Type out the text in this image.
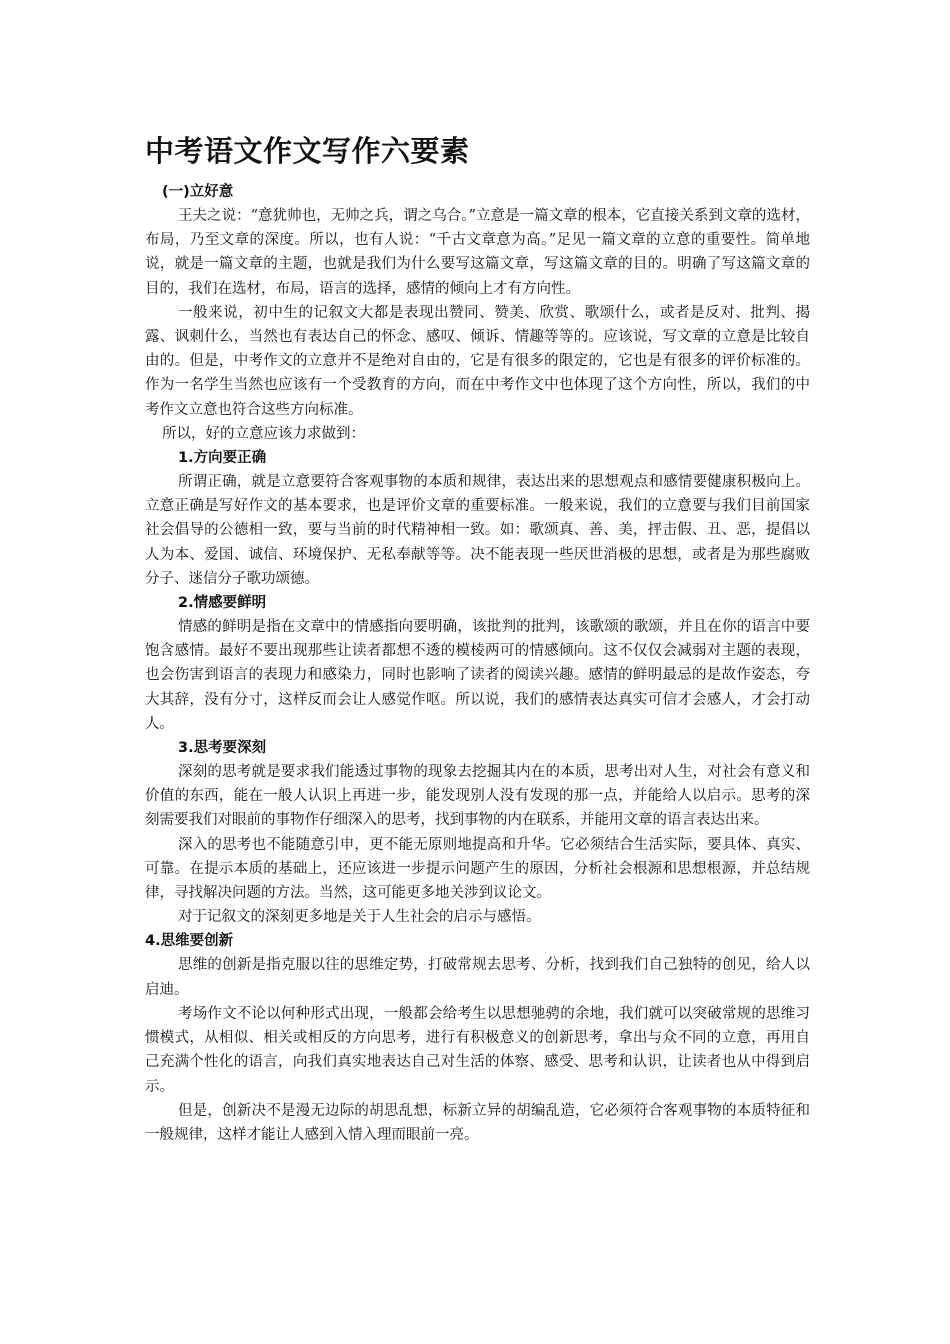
中考语文作文写作六要素
(一)立好意

王夫之说：“意犹帅也，无帅之兵，谓之乌合。”立意是一篇文章的根本，它直接关系到文章的选材，布局，乃至文章的深度。所以，也有人说：“千古文章意为高。”足见一篇文章的立意的重要性。简单地说，就是一篇文章的主题，也就是我们为什么要写这篇文章，写这篇文章的目的。明确了写这篇文章的目的，我们在选材，布局，语言的选择，感情的倾向上才有方向性。

一般来说，初中生的记叙文大都是表现出赞同、赞美、欣赏、歌颂什么，或者是反对、批判、揭露、讽刺什么，当然也有表达自己的怀念、感叹、倾诉、情趣等等的。应该说，写文章的立意是比较自由的。但是，中考作文的立意并不是绝对自由的，它是有很多的限定的，它也是有很多的评价标准的。作为一名学生当然也应该有一个受教育的方向，而在中考作文中也体现了这个方向性，所以，我们的中考作文立意也符合这些方向标准。

所以，好的立意应该力求做到：

1.方向要正确

所谓正确，就是立意要符合客观事物的本质和规律，表达出来的思想观点和感情要健康积极向上。立意正确是写好作文的基本要求，也是评价文章的重要标准。一般来说，我们的立意要与我们目前国家社会倡导的公德相一致，要与当前的时代精神相一致。如：歌颂真、善、美，抨击假、丑、恶，提倡以人为本、爱国、诚信、环境保护、无私奉献等等。决不能表现一些厌世消极的思想，或者是为那些腐败分子、迷信分子歌功颂德。

2.情感要鲜明

情感的鲜明是指在文章中的情感指向要明确，该批判的批判，该歌颂的歌颂，并且在你的语言中要饱含感情。最好不要出现那些让读者都想不透的模棱两可的情感倾向。这不仅仅会减弱对主题的表现，也会伤害到语言的表现力和感染力，同时也影响了读者的阅读兴趣。感情的鲜明最忌的是故作姿态，夸大其辞，没有分寸，这样反而会让人感觉作呕。所以说，我们的感情表达真实可信才会感人，才会打动人。

3.思考要深刻

深刻的思考就是要求我们能透过事物的现象去挖掘其内在的本质，思考出对人生，对社会有意义和价值的东西，能在一般人认识上再进一步，能发现别人没有发现的那一点，并能给人以启示。思考的深刻需要我们对眼前的事物作仔细深入的思考，找到事物的内在联系，并能用文章的语言表达出来。

深入的思考也不能随意引申，更不能无原则地提高和升华。它必须结合生活实际，要具体、真实、可靠。在提示本质的基础上，还应该进一步提示问题产生的原因，分析社会根源和思想根源，并总结规律，寻找解决问题的方法。当然，这可能更多地关涉到议论文。

对于记叙文的深刻更多地是关于人生社会的启示与感悟。

4.思维要创新

思维的创新是指克服以往的思维定势，打破常规去思考、分析，找到我们自己独特的创见，给人以启迪。

考场作文不论以何种形式出现，一般都会给考生以思想驰骋的余地，我们就可以突破常规的思维习惯模式，从相似、相关或相反的方向思考，进行有积极意义的创新思考，拿出与众不同的立意，再用自己充满个性化的语言，向我们真实地表达自己对生活的体察、感受、思考和认识，让读者也从中得到启示。

但是，创新决不是漫无边际的胡思乱想，标新立异的胡编乱造，它必须符合客观事物的本质特征和一般规律，这样才能让人感到入情入理而眼前一亮。
